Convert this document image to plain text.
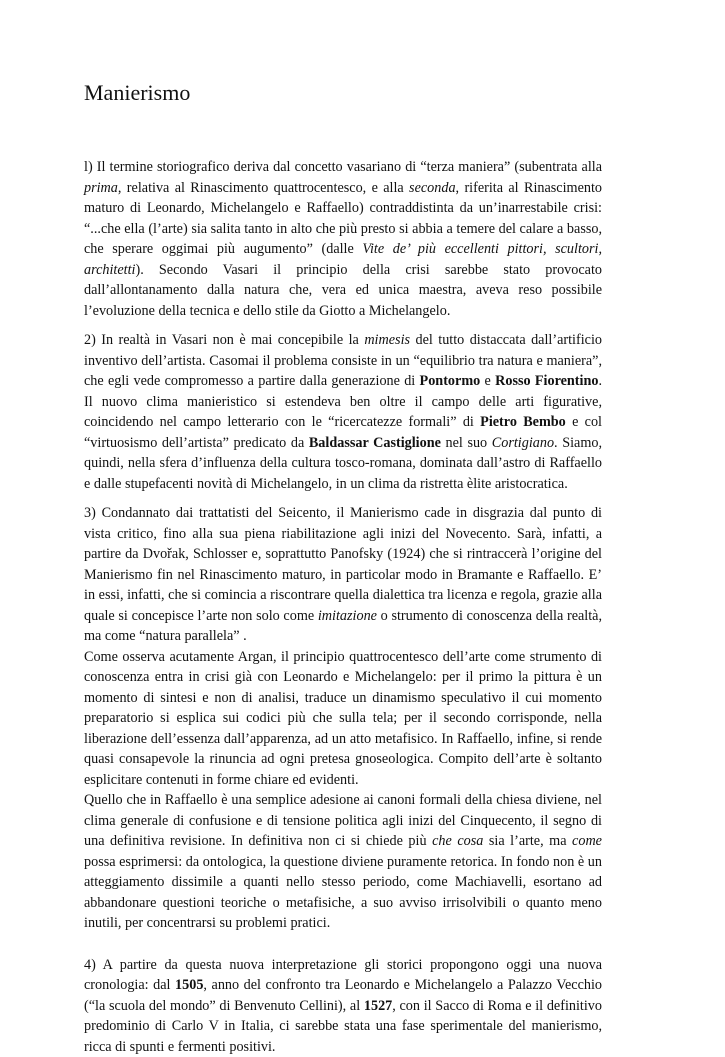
Manierismo

l) Il termine storiografico deriva dal concetto vasariano di “terza maniera” (subentrata alla prima, relativa al Rinascimento quattrocentesco, e alla seconda, riferita al Rinascimento maturo di Leonardo, Michelangelo e Raffaello) contraddistinta da un’inarrestabile crisi: “...che ella (l’arte) sia salita tanto in alto che più presto si abbia a temere del calare a basso, che sperare oggimai più augumento” (dalle Vite de’ più eccellenti pittori, scultori, architetti). Secondo Vasari il principio della crisi sarebbe stato provocato dall’allontanamento dalla natura che, vera ed unica maestra, aveva reso possibile l’evoluzione della tecnica e dello stile da Giotto a Michelangelo.

2) In realtà in Vasari non è mai concepibile la mimesis del tutto distaccata dall’artificio inventivo dell’artista. Casomai il problema consiste in un “equilibrio tra natura e maniera”, che egli vede compromesso a partire dalla generazione di Pontormo e Rosso Fiorentino. Il nuovo clima manieristico si estendeva ben oltre il campo delle arti figurative, coincidendo nel campo letterario con le “ricercatezze formali” di Pietro Bembo e col “virtuosismo dell’artista” predicato da Baldassar Castiglione nel suo Cortigiano. Siamo, quindi, nella sfera d’influenza della cultura tosco-romana, dominata dall’astro di Raffaello e dalle stupefacenti novità di Michelangelo, in un clima da ristretta èlite aristocratica.

3) Condannato dai trattatisti del Seicento, il Manierismo cade in disgrazia dal punto di vista critico, fino alla sua piena riabilitazione agli inizi del Novecento. Sarà, infatti, a partire da Dvořak, Schlosser e, soprattutto Panofsky (1924) che si rintraccerà l’origine del Manierismo fin nel Rinascimento maturo, in particolar modo in Bramante e Raffaello. E’ in essi, infatti, che si comincia a riscontrare quella dialettica tra licenza e regola, grazie alla quale si concepisce l’arte non solo come imitazione o strumento di conoscenza della realtà, ma come “natura parallela” .

Come osserva acutamente Argan, il principio quattrocentesco dell’arte come strumento di conoscenza entra in crisi già con Leonardo e Michelangelo: per il primo la pittura è un momento di sintesi e non di analisi, traduce un dinamismo speculativo il cui momento preparatorio si esplica sui codici più che sulla tela; per il secondo corrisponde, nella liberazione dell’essenza dall’apparenza, ad un atto metafisico. In Raffaello, infine, si rende quasi consapevole la rinuncia ad ogni pretesa gnoseologica. Compito dell’arte è soltanto esplicitare contenuti in forme chiare ed evidenti.

Quello che in Raffaello è una semplice adesione ai canoni formali della chiesa diviene, nel clima generale di confusione e di tensione politica agli inizi del Cinquecento, il segno di una definitiva revisione. In definitiva non ci si chiede più che cosa sia l’arte, ma come possa esprimersi: da ontologica, la questione diviene puramente retorica. In fondo non è un atteggiamento dissimile a quanti nello stesso periodo, come Machiavelli, esortano ad abbandonare questioni teoriche o metafisiche, a suo avviso irrisolvibili o quanto meno inutili, per concentrarsi su problemi pratici.

4) A partire da questa nuova interpretazione gli storici propongono oggi una nuova cronologia: dal 1505, anno del confronto tra Leonardo e Michelangelo a Palazzo Vecchio (“la scuola del mondo” di Benvenuto Cellini), al 1527, con il Sacco di Roma e il definitivo predominio di Carlo V in Italia, ci sarebbe stata una fase sperimentale del manierismo, ricca di spunti e fermenti positivi.
